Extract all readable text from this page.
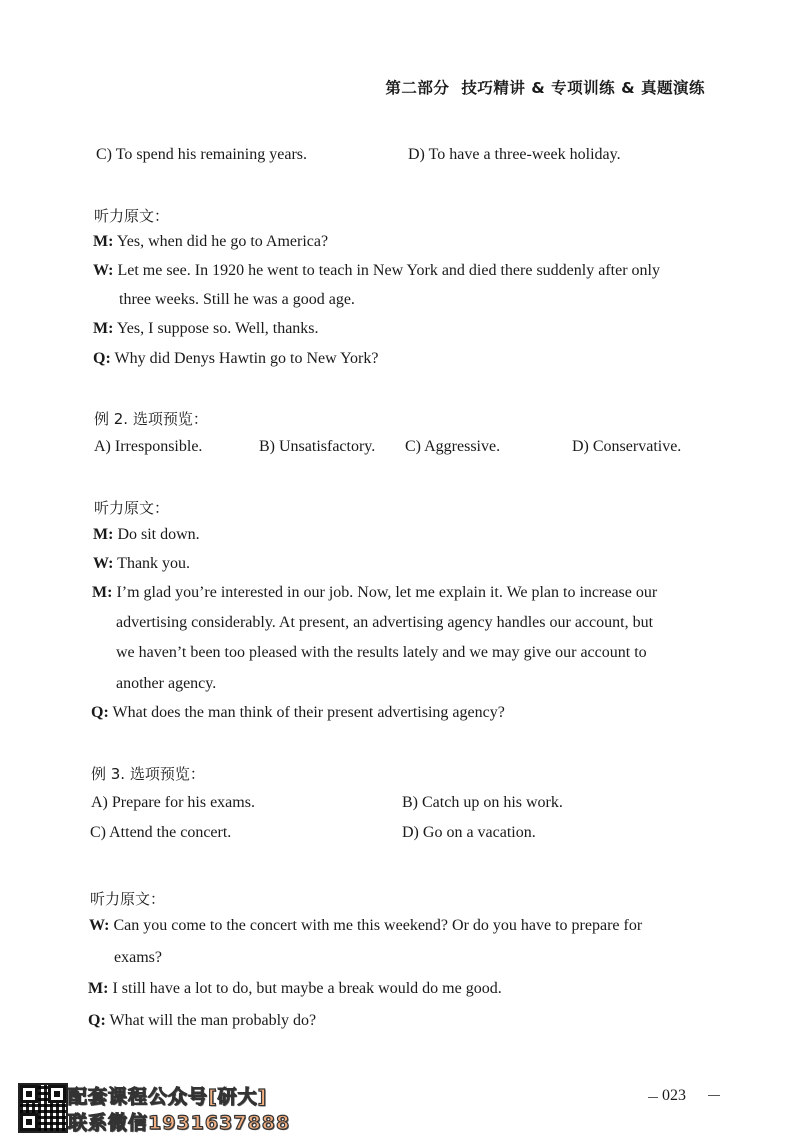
第二部分 技巧精讲 & 专项训练 & 真题演练
C) To spend his remaining years.	D) To have a three-week holiday.
听力原文：
M: Yes, when did he go to America?
W: Let me see. In 1920 he went to teach in New York and died there suddenly after only
three weeks. Still he was a good age.
M: Yes, I suppose so. Well, thanks.
Q: Why did Denys Hawtin go to New York?
例 2. 选项预览：
A) Irresponsible.	B) Unsatisfactory. C) Aggressive.	D) Conservative.
听力原文：
M: Do sit down.
W: Thank you.
M: I’m glad you’re interested in our job. Now, let me explain it. We plan to increase our
advertising considerably. At present, an advertising agency handles our account, but
we haven’t been too pleased with the results lately and we may give our account to
another agency.
Q: What does the man think of their present advertising agency?
例 3. 选项预览：
A) Prepare for his exams.	B) Catch up on his work.
C) Attend the concert.	D) Go on a vacation.
听力原文：
W: Can you come to the concert with me this weekend? Or do you have to prepare for
exams?
M: I still have a lot to do, but maybe a break would do me good.
Q: What will the man probably do?
配套课程公众号[研大]
联系微信1931637888
023
